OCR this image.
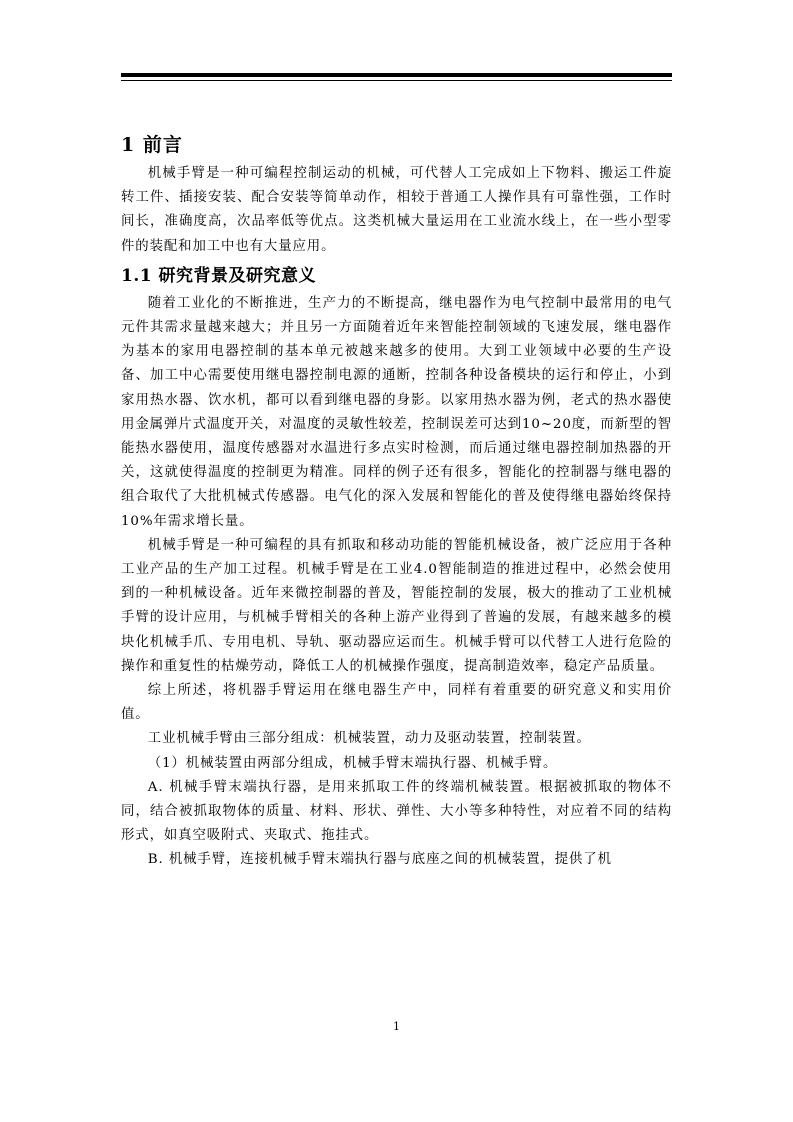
1 前言

机械手臂是一种可编程控制运动的机械，可代替人工完成如上下物料、搬运工件旋转工件、插接安装、配合安装等简单动作，相较于普通工人操作具有可靠性强，工作时间长，准确度高，次品率低等优点。这类机械大量运用在工业流水线上，在一些小型零件的装配和加工中也有大量应用。

1.1 研究背景及研究意义

随着工业化的不断推进，生产力的不断提高，继电器作为电气控制中最常用的电气元件其需求量越来越大；并且另一方面随着近年来智能控制领域的飞速发展，继电器作为基本的家用电器控制的基本单元被越来越多的使用。大到工业领域中必要的生产设备、加工中心需要使用继电器控制电源的通断，控制各种设备模块的运行和停止，小到家用热水器、饮水机，都可以看到继电器的身影。以家用热水器为例，老式的热水器使用金属弹片式温度开关，对温度的灵敏性较差，控制误差可达到10~20度，而新型的智能热水器使用，温度传感器对水温进行多点实时检测，而后通过继电器控制加热器的开关，这就使得温度的控制更为精准。同样的例子还有很多，智能化的控制器与继电器的组合取代了大批机械式传感器。电气化的深入发展和智能化的普及使得继电器始终保持10%年需求增长量。

机械手臂是一种可编程的具有抓取和移动功能的智能机械设备，被广泛应用于各种工业产品的生产加工过程。机械手臂是在工业4.0智能制造的推进过程中，必然会使用到的一种机械设备。近年来微控制器的普及，智能控制的发展，极大的推动了工业机械手臂的设计应用，与机械手臂相关的各种上游产业得到了普遍的发展，有越来越多的模块化机械手爪、专用电机、导轨、驱动器应运而生。机械手臂可以代替工人进行危险的操作和重复性的枯燥劳动，降低工人的机械操作强度，提高制造效率，稳定产品质量。

综上所述，将机器手臂运用在继电器生产中，同样有着重要的研究意义和实用价值。

工业机械手臂由三部分组成：机械装置，动力及驱动装置，控制装置。

（1）机械装置由两部分组成，机械手臂末端执行器、机械手臂。

A. 机械手臂末端执行器，是用来抓取工件的终端机械装置。根据被抓取的物体不同，结合被抓取物体的质量、材料、形状、弹性、大小等多种特性，对应着不同的结构形式，如真空吸附式、夹取式、拖挂式。

B. 机械手臂，连接机械手臂末端执行器与底座之间的机械装置，提供了机

1
